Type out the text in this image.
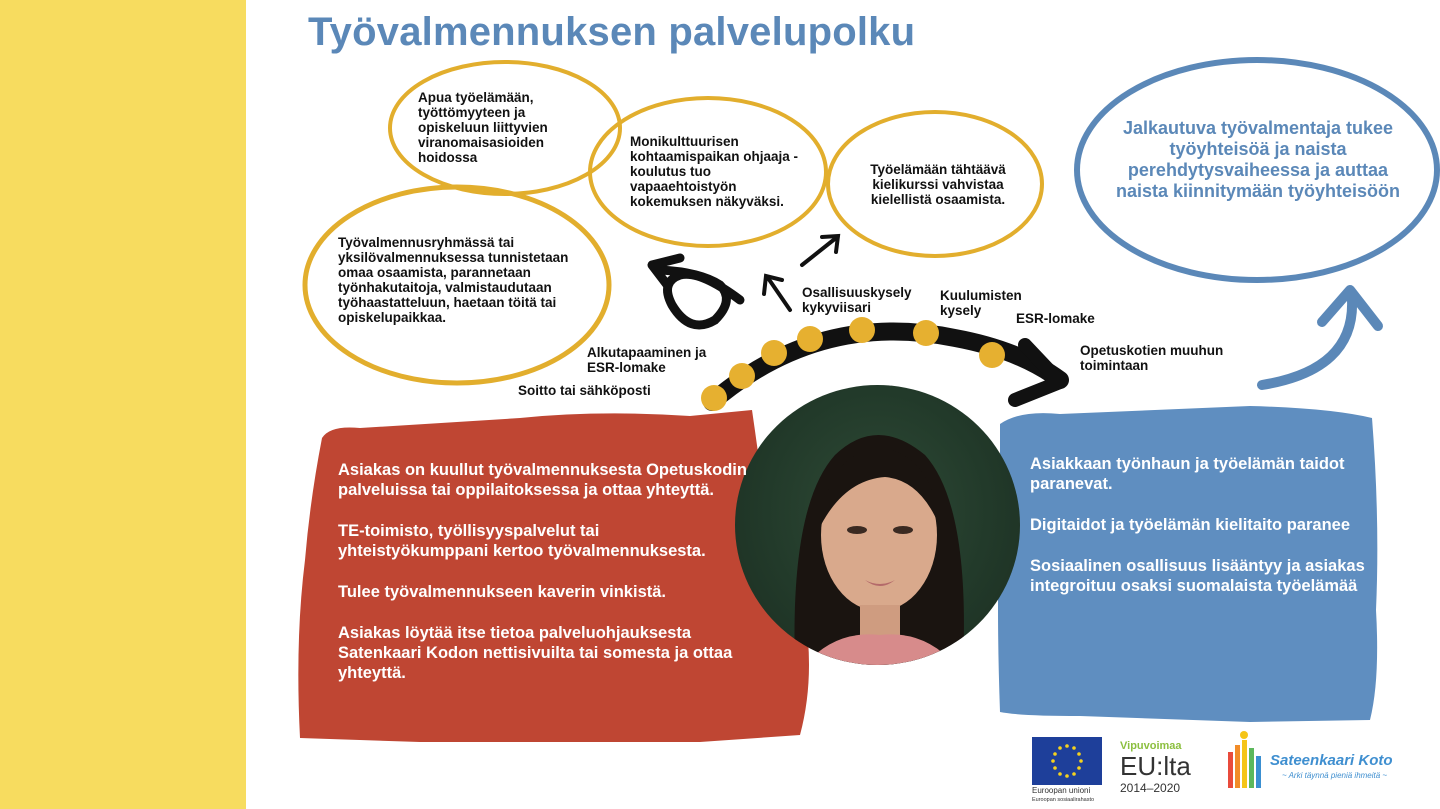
Työvalmennuksen palvelupolku
Apua työelämään, työttömyyteen ja opiskeluun liittyvien viranomaisasioiden hoidossa
Monikulttuurisen kohtaamispaikan ohjaaja -koulutus tuo vapaaehtoistyön kokemuksen näkyväksi.
Työelämään tähtäävä kielikurssi vahvistaa kielellistä osaamista.
Työvalmennusryhmässä tai yksilövalmennuksessa tunnistetaan omaa osaamista, parannetaan työnhakutaitoja, valmistaudutaan työhaastatteluun, haetaan töitä tai opiskelupaikkaa.
Jalkautuva työvalmentaja tukee työyhteisöä ja naista perehdytysvaiheessa ja auttaa naista kiinnitymään työyhteisöön
Soitto tai sähköposti
Alkutapaaminen ja ESR-lomake
Osallisuuskysely kykyviisari
Kuulumisten kysely
ESR-lomake
Opetuskotien muuhun toimintaan

Asiakas on kuullut työvalmennuksesta Opetuskodin palveluissa tai oppilaitoksessa ja ottaa yhteyttä.

TE-toimisto, työllisyyspalvelut tai yhteistyökumppani kertoo työvalmennuksesta.

Tulee työvalmennukseen kaverin vinkistä.

Asiakas löytää itse tietoa palveluohjauksesta Satenkaari Kodon nettisivuilta tai somesta ja ottaa yhteyttä.

Asiakkaan työnhaun ja työelämän taidot paranevat.

Digitaidot ja työelämän kielitaito paranee

Sosiaalinen osallisuus lisääntyy ja asiakas integroituu osaksi suomalaista työelämää

Euroopan unioni
Euroopan sosiaalirahasto
Vipuvoimaa
EU:lta
2014–2020
Sateenkaari Koto
~ Arki täynnä pieniä ihmeitä ~
